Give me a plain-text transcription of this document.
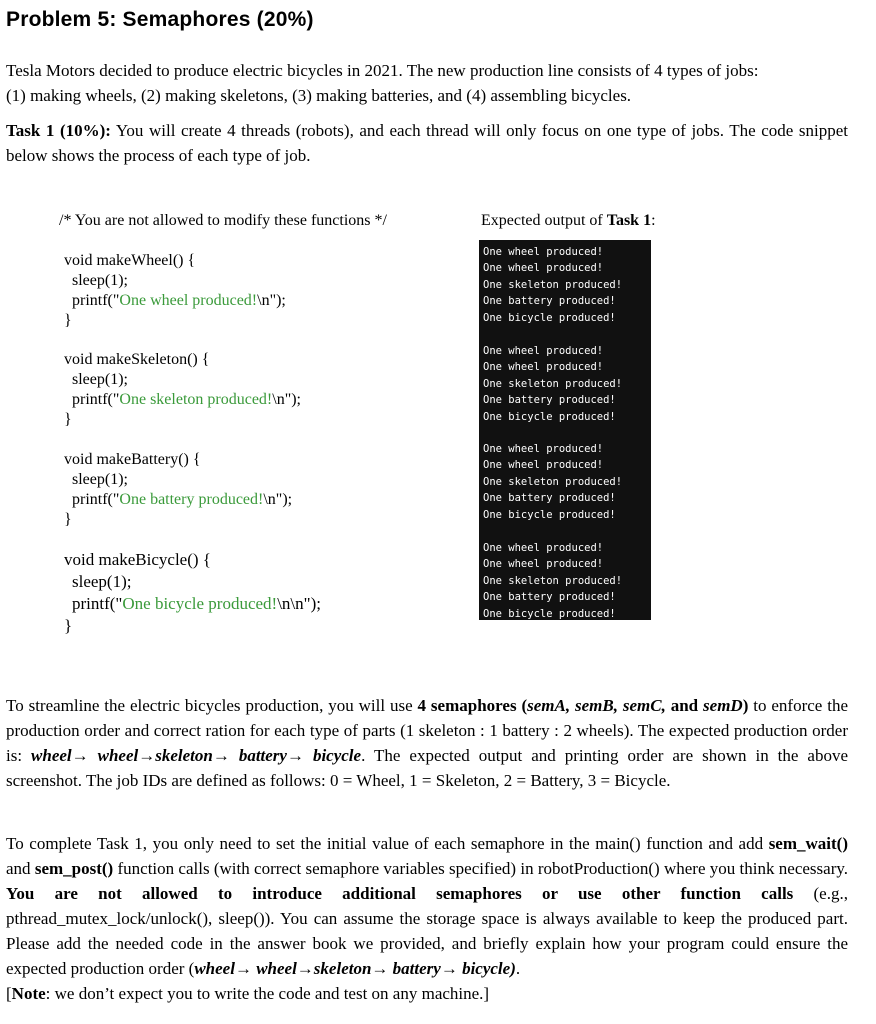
Problem 5: Semaphores (20%)

Tesla Motors decided to produce electric bicycles in 2021. The new production line consists of 4 types of jobs:

(1) making wheels, (2) making skeletons, (3) making batteries, and (4) assembling bicycles.

Task 1 (10%): You will create 4 threads (robots), and each thread will only focus on one type of jobs. The code snippet below shows the process of each type of job.
/* You are not allowed to modify these functions */
void makeWheel() {
sleep(1);
printf("One wheel produced!\n");
}
void makeSkeleton() {
sleep(1);
printf("One skeleton produced!\n");
}
void makeBattery() {
sleep(1);
printf("One battery produced!\n");
}
void makeBicycle() {
sleep(1);
printf("One bicycle produced!\n\n");
}
Expected output of Task 1:
One wheel produced!
One wheel produced!
One skeleton produced!
One battery produced!
One bicycle produced!
One wheel produced!
One wheel produced!
One skeleton produced!
One battery produced!
One bicycle produced!
One wheel produced!
One wheel produced!
One skeleton produced!
One battery produced!
One bicycle produced!
One wheel produced!
One wheel produced!
One skeleton produced!
One battery produced!
One bicycle produced!
To streamline the electric bicycles production, you will use 4 semaphores (semA, semB, semC, and semD) to enforce the production order and correct ration for each type of parts (1 skeleton : 1 battery : 2 wheels). The expected production order is: wheel→ wheel→skeleton→ battery→ bicycle. The expected output and printing order are shown in the above screenshot. The job IDs are defined as follows: 0 = Wheel, 1 = Skeleton, 2 = Battery, 3 = Bicycle.
To complete Task 1, you only need to set the initial value of each semaphore in the main() function and add sem_wait() and sem_post() function calls (with correct semaphore variables specified) in robotProduction() where you think necessary. You are not allowed to introduce additional semaphores or use other function calls (e.g., pthread_mutex_lock/unlock(), sleep()). You can assume the storage space is always available to keep the produced part. Please add the needed code in the answer book we provided, and briefly explain how your program could ensure the expected production order (wheel→ wheel→skeleton→ battery→ bicycle).
[Note: we don’t expect you to write the code and test on any machine.]
